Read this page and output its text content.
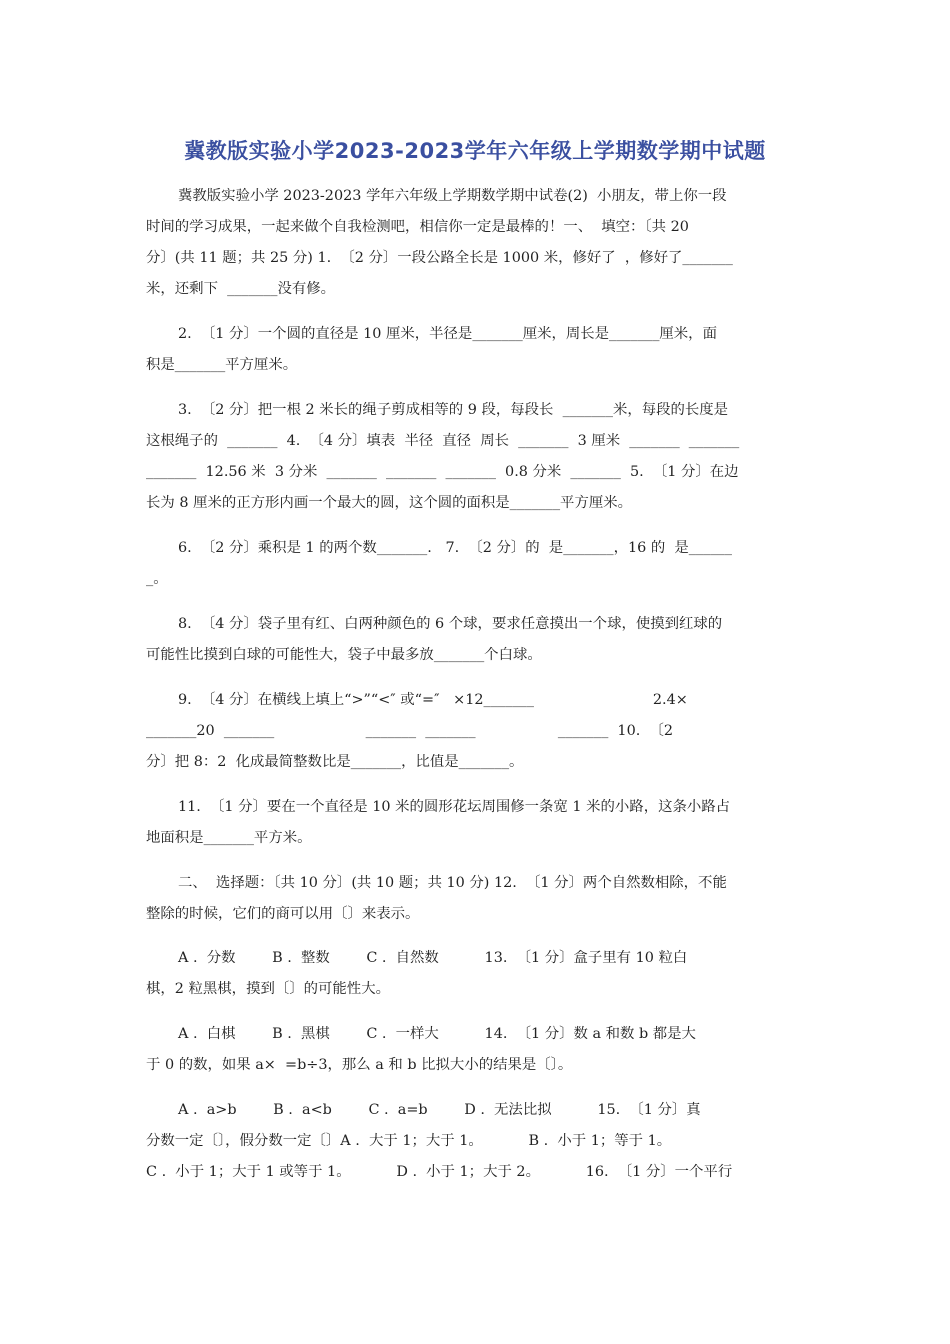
冀教版实验小学2023-2023学年六年级上学期数学期中试题
冀教版实验小学 2023-2023 学年六年级上学期数学期中试卷(2)  小朋友，带上你一段
时间的学习成果，一起来做个自我检测吧，相信你一定是最棒的！一、  填空：〔共 20
分〕(共 11 题；共 25 分) 1.  〔2 分〕一段公路全长是 1000 米，修好了  ，修好了_______
米，还剩下  _______没有修。
2.  〔1 分〕一个圆的直径是 10 厘米，半径是_______厘米，周长是_______厘米，面
积是_______平方厘米。
3.  〔2 分〕把一根 2 米长的绳子剪成相等的 9 段，每段长  _______米，每段的长度是
这根绳子的  _______  4.  〔4 分〕填表  半径  直径  周长  _______  3 厘米  _______  _______
_______  12.56 米  3 分米  _______  _______  _______  0.8 分米  _______  5.  〔1 分〕在边
长为 8 厘米的正方形内画一个最大的圆，这个圆的面积是_______平方厘米。
6.  〔2 分〕乘积是 1 的两个数_______.   7.  〔2 分〕的  是_______，16 的  是______
_。
8.  〔4 分〕袋子里有红、白两种颜色的 6 个球，要求任意摸出一个球，使摸到红球的
可能性比摸到白球的可能性大，袋子中最多放_______个白球。
9.  〔4 分〕在横线上填上“>”“<″ 或“=″   ×12_______                          2.4×
_______20  _______                    _______  _______                  _______  10.  〔2
分〕把 8：2  化成最简整数比是_______，比值是_______。
11.  〔1 分〕要在一个直径是 10 米的圆形花坛周围修一条宽 1 米的小路，这条小路占
地面积是_______平方米。
二、  选择题：〔共 10 分〕(共 10 题；共 10 分) 12.  〔1 分〕两个自然数相除，不能
整除的时候，它们的商可以用〔〕来表示。
A .  分数        B .  整数        C .  自然数          13.  〔1 分〕盒子里有 10 粒白
棋，2 粒黑棋，摸到〔〕的可能性大。
A .  白棋        B .  黑棋        C .  一样大          14.  〔1 分〕数 a 和数 b 都是大
于 0 的数，如果 a×  =b÷3，那么 a 和 b 比拟大小的结果是〔〕。
A .  a>b        B .  a<b        C .  a=b        D .  无法比拟          15.  〔1 分〕真
分数一定〔〕，假分数一定〔〕A .  大于 1；大于 1。          B .  小于 1；等于 1。
C .  小于 1；大于 1 或等于 1。          D .  小于 1；大于 2。          16.  〔1 分〕一个平行
